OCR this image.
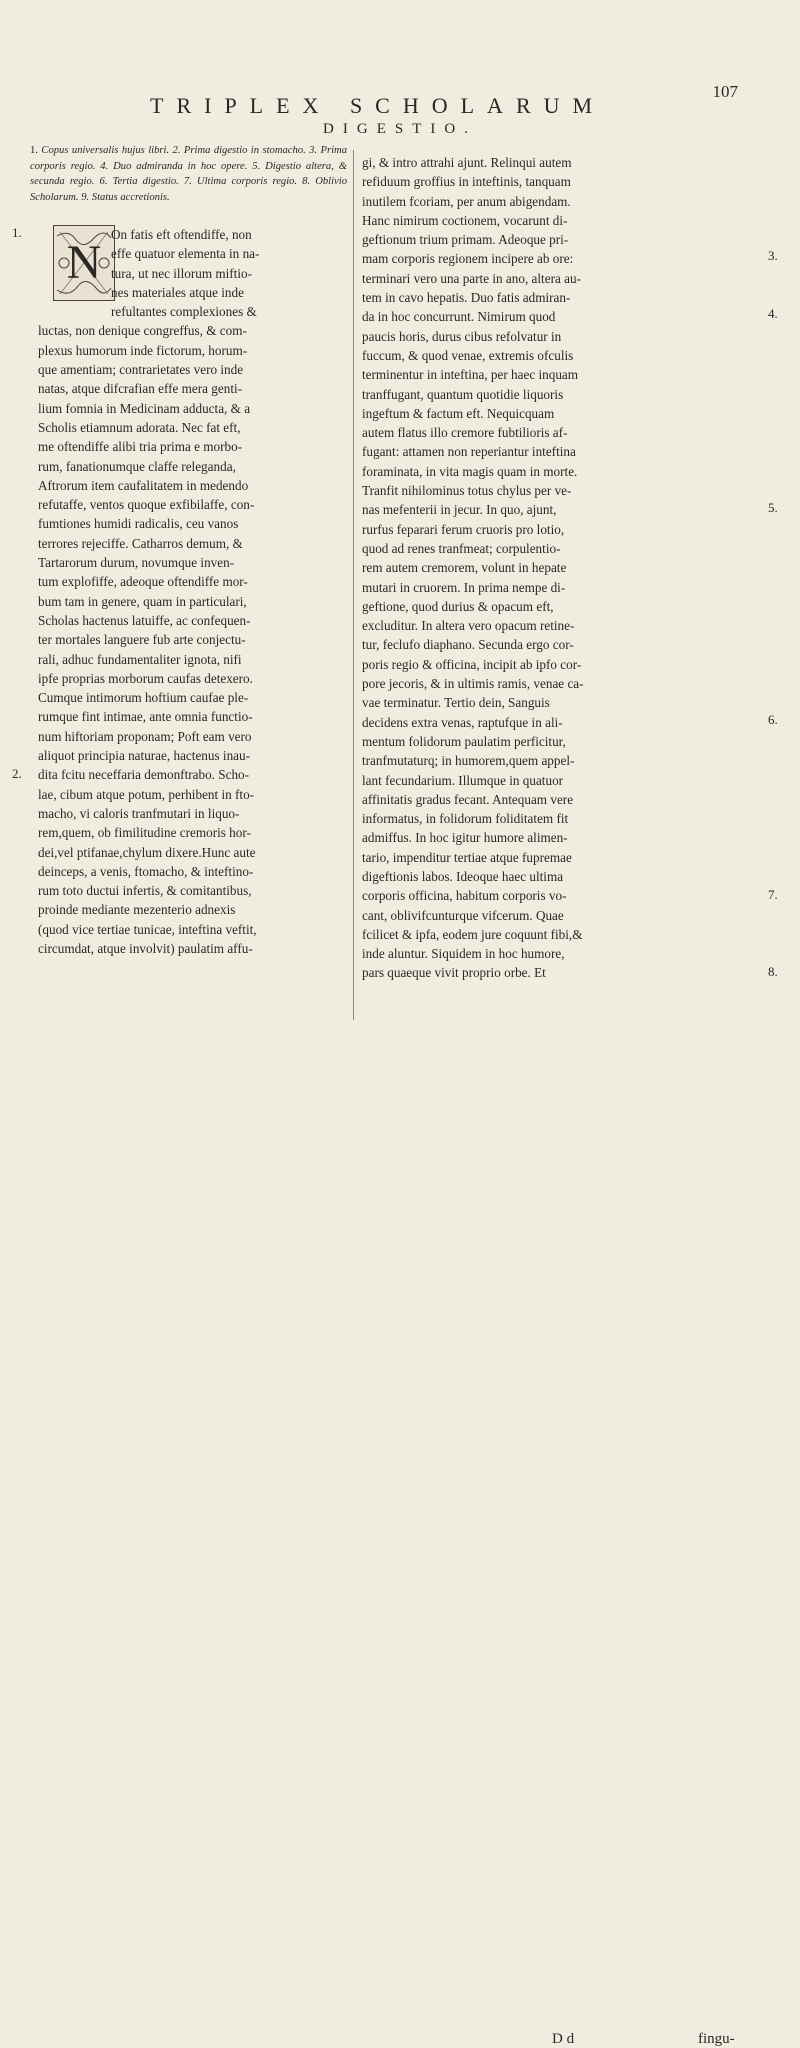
107
TRIPLEX SCHOLARUM
DIGESTIO.
1. Copus universalis hujus libri. 2. Prima digestio in stomacho. 3. Prima corporis regio. 4. Duo admiranda in hoc opere. 5. Digestio altera, & secunda regio. 6. Tertia digestio. 7. Ultima corporis regio. 8. Oblivio Scholarum. 9. Status accretionis.
N
1.
2.
3.
4.
5.
6.
7.
8.
On fatis eft oftendiffe, non
effe quatuor elementa in na-
tura, ut nec illorum miftio-
nes materiales atque inde
refultantes complexiones &
luctas, non denique congreffus, & com-
plexus humorum inde fictorum, horum-
que amentiam; contrarietates vero inde
natas, atque difcrafian effe mera genti-
lium fomnia in Medicinam adducta, & a
Scholis etiamnum adorata. Nec fat eft,
me oftendiffe alibi tria prima e morbo-
rum, fanationumque claffe releganda,
Aftrorum item caufalitatem in medendo
refutaffe, ventos quoque exfibilaffe, con-
fumtiones humidi radicalis, ceu vanos
terrores rejeciffe. Catharros demum, &
Tartarorum durum, novumque inven-
tum explofiffe, adeoque oftendiffe mor-
bum tam in genere, quam in particulari,
Scholas hactenus latuiffe, ac confequen-
ter mortales languere fub arte conjectu-
rali, adhuc fundamentaliter ignota, nifi
ipfe proprias morborum caufas detexero.
Cumque intimorum hoftium caufae ple-
rumque fint intimae, ante omnia functio-
num hiftoriam proponam; Poft eam vero
aliquot principia naturae, hactenus inau-
dita fcitu neceffaria demonftrabo. Scho-
lae, cibum atque potum, perhibent in fto-
macho, vi caloris tranfmutari in liquo-
rem,quem, ob fimilitudine cremoris hor-
dei,vel ptifanae,chylum dixere.Hunc aute
deinceps, a venis, ftomacho, & inteftino-
rum toto ductui infertis, & comitantibus,
proinde mediante mezenterio adnexis
(quod vice tertiae tunicae, inteftina veftit,
circumdat, atque involvit) paulatim affu-
gi, & intro attrahi ajunt. Relinqui autem
refiduum groffius in inteftinis, tanquam
inutilem fcoriam, per anum abigendam.
Hanc nimirum coctionem, vocarunt di-
geftionum trium primam. Adeoque pri-
mam corporis regionem incipere ab ore:
terminari vero una parte in ano, altera au-
tem in cavo hepatis. Duo fatis admiran-
da in hoc concurrunt. Nimirum quod
paucis horis, durus cibus refolvatur in
fuccum, & quod venae, extremis ofculis
terminentur in inteftina, per haec inquam
tranffugant, quantum quotidie liquoris
ingeftum & factum eft. Nequicquam
autem flatus illo cremore fubtilioris af-
fugant: attamen non reperiantur inteftina
foraminata, in vita magis quam in morte.
Tranfit nihilominus totus chylus per ve-
nas mefenterii in jecur. In quo, ajunt,
rurfus feparari ferum cruoris pro lotio,
quod ad renes tranfmeat; corpulentio-
rem autem cremorem, volunt in hepate
mutari in cruorem. In prima nempe di-
geftione, quod durius & opacum eft,
excluditur. In altera vero opacum retine-
tur, feclufo diaphano. Secunda ergo cor-
poris regio & officina, incipit ab ipfo cor-
pore jecoris, & in ultimis ramis, venae ca-
vae terminatur. Tertio dein, Sanguis
decidens extra venas, raptufque in ali-
mentum folidorum paulatim perficitur,
tranfmutaturq; in humorem,quem appel-
lant fecundarium. Illumque in quatuor
affinitatis gradus fecant. Antequam vere
informatus, in folidorum foliditatem fit
admiffus. In hoc igitur humore alimen-
tario, impenditur tertiae atque fupremae
digeftionis labos. Ideoque haec ultima
corporis officina, habitum corporis vo-
cant, oblivifcunturque vifcerum. Quae
fcilicet & ipfa, eodem jure coquunt fibi,&
inde aluntur. Siquidem in hoc humore,
pars quaeque vivit proprio orbe. Et
D d	fingu-
